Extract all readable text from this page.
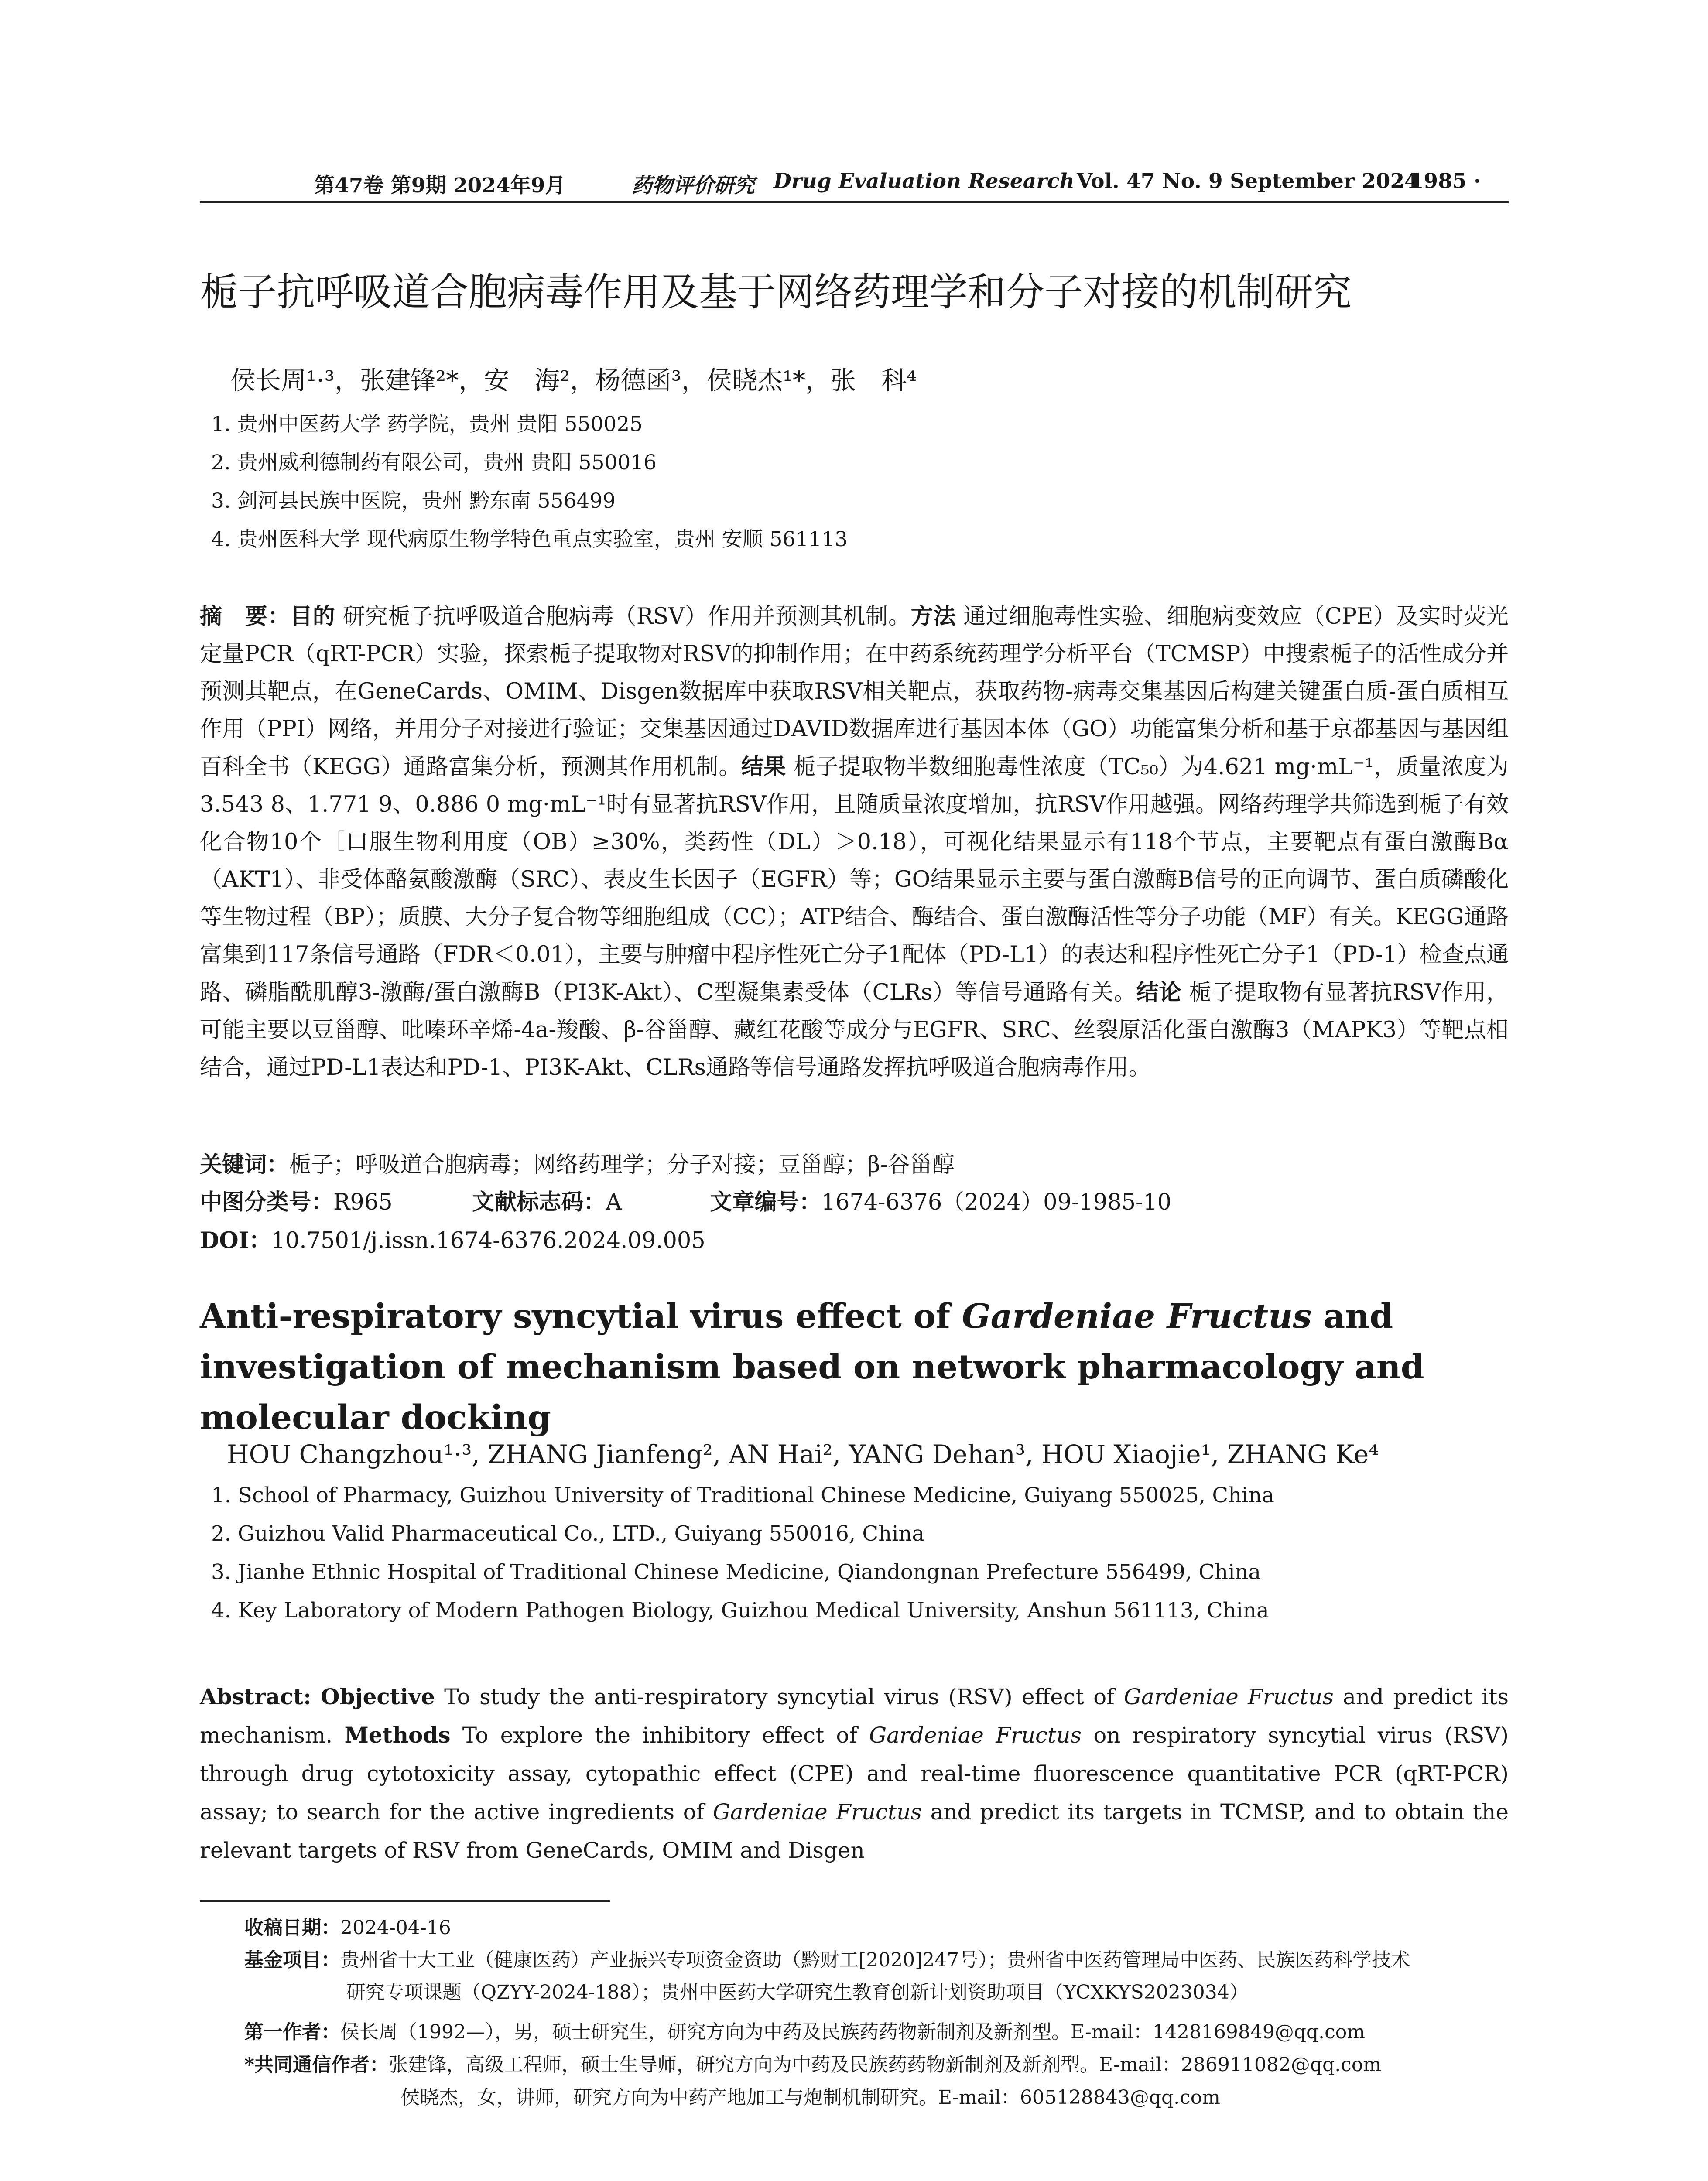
第47卷 第9期 2024年9月	药物评价研究 Drug Evaluation Research Vol. 47 No. 9 September 2024
· 1985 ·
栀子抗呼吸道合胞病毒作用及基于网络药理学和分子对接的机制研究
侯长周¹·³，张建锋²*，安　海²，杨德函³，侯晓杰¹*，张　科⁴
1. 贵州中医药大学 药学院，贵州 贵阳 550025
2. 贵州威利德制药有限公司，贵州 贵阳 550016
3. 剑河县民族中医院，贵州 黔东南 556499
4. 贵州医科大学 现代病原生物学特色重点实验室，贵州 安顺 561113
摘　要：目的 研究栀子抗呼吸道合胞病毒（RSV）作用并预测其机制。方法 通过细胞毒性实验、细胞病变效应（CPE）及实时荧光定量PCR（qRT-PCR）实验，探索栀子提取物对RSV的抑制作用；在中药系统药理学分析平台（TCMSP）中搜索栀子的活性成分并预测其靶点，在GeneCards、OMIM、Disgen数据库中获取RSV相关靶点，获取药物-病毒交集基因后构建关键蛋白质-蛋白质相互作用（PPI）网络，并用分子对接进行验证；交集基因通过DAVID数据库进行基因本体（GO）功能富集分析和基于京都基因与基因组百科全书（KEGG）通路富集分析，预测其作用机制。结果 栀子提取物半数细胞毒性浓度（TC₅₀）为4.621 mg·mL⁻¹，质量浓度为3.543 8、1.771 9、0.886 0 mg·mL⁻¹时有显著抗RSV作用，且随质量浓度增加，抗RSV作用越强。网络药理学共筛选到栀子有效化合物10个［口服生物利用度（OB）≥30%，类药性（DL）＞0.18），可视化结果显示有118个节点，主要靶点有蛋白激酶Bα（AKT1）、非受体酪氨酸激酶（SRC）、表皮生长因子（EGFR）等；GO结果显示主要与蛋白激酶B信号的正向调节、蛋白质磷酸化等生物过程（BP）；质膜、大分子复合物等细胞组成（CC）；ATP结合、酶结合、蛋白激酶活性等分子功能（MF）有关。KEGG通路富集到117条信号通路（FDR＜0.01），主要与肿瘤中程序性死亡分子1配体（PD-L1）的表达和程序性死亡分子1（PD-1）检查点通路、磷脂酰肌醇3-激酶/蛋白激酶B（PI3K-Akt）、C型凝集素受体（CLRs）等信号通路有关。结论 栀子提取物有显著抗RSV作用，可能主要以豆甾醇、吡嗪环辛烯-4a-羧酸、β-谷甾醇、藏红花酸等成分与EGFR、SRC、丝裂原活化蛋白激酶3（MAPK3）等靶点相结合，通过PD-L1表达和PD-1、PI3K-Akt、CLRs通路等信号通路发挥抗呼吸道合胞病毒作用。
关键词：栀子；呼吸道合胞病毒；网络药理学；分子对接；豆甾醇；β-谷甾醇
中图分类号：R965	文献标志码：A	文章编号：1674-6376（2024）09-1985-10
DOI：10.7501/j.issn.1674-6376.2024.09.005
Anti-respiratory syncytial virus effect of Gardeniae Fructus and investigation of mechanism based on network pharmacology and molecular docking
HOU Changzhou¹·³, ZHANG Jianfeng², AN Hai², YANG Dehan³, HOU Xiaojie¹, ZHANG Ke⁴
1. School of Pharmacy, Guizhou University of Traditional Chinese Medicine, Guiyang 550025, China
2. Guizhou Valid Pharmaceutical Co., LTD., Guiyang 550016, China
3. Jianhe Ethnic Hospital of Traditional Chinese Medicine, Qiandongnan Prefecture 556499, China
4. Key Laboratory of Modern Pathogen Biology, Guizhou Medical University, Anshun 561113, China
Abstract: Objective To study the anti-respiratory syncytial virus (RSV) effect of Gardeniae Fructus and predict its mechanism. Methods To explore the inhibitory effect of Gardeniae Fructus on respiratory syncytial virus (RSV) through drug cytotoxicity assay, cytopathic effect (CPE) and real-time fluorescence quantitative PCR (qRT-PCR) assay; to search for the active ingredients of Gardeniae Fructus and predict its targets in TCMSP, and to obtain the relevant targets of RSV from GeneCards, OMIM and Disgen
收稿日期：2024-04-16
基金项目：贵州省十大工业（健康医药）产业振兴专项资金资助（黔财工[2020]247号）；贵州省中医药管理局中医药、民族医药科学技术
研究专项课题（QZYY-2024-188）；贵州中医药大学研究生教育创新计划资助项目（YCXKYS2023034）
第一作者：侯长周（1992—），男，硕士研究生，研究方向为中药及民族药药物新制剂及新剂型。E-mail：1428169849@qq.com
*共同通信作者：张建锋，高级工程师，硕士生导师，研究方向为中药及民族药药物新制剂及新剂型。E-mail：286911082@qq.com
侯晓杰，女，讲师，研究方向为中药产地加工与炮制机制研究。E-mail：605128843@qq.com
